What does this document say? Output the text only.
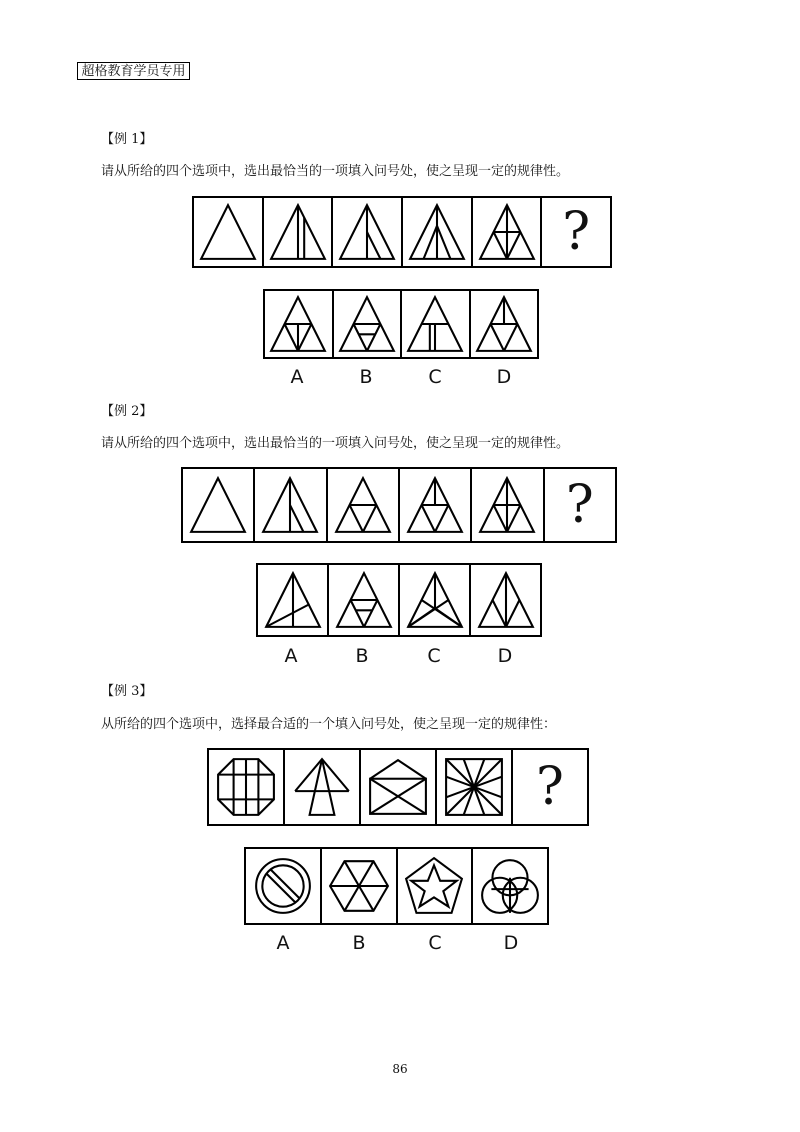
超格教育学员专用
【例 1】
请从所给的四个选项中，选出最恰当的一项填入问号处，使之呈现一定的规律性。
?
A	B	C	D
【例 2】
请从所给的四个选项中，选出最恰当的一项填入问号处，使之呈现一定的规律性。
?
A	B	C	D
【例 3】
从所给的四个选项中，选择最合适的一个填入问号处，使之呈现一定的规律性：
?
A	B	C	D
86
